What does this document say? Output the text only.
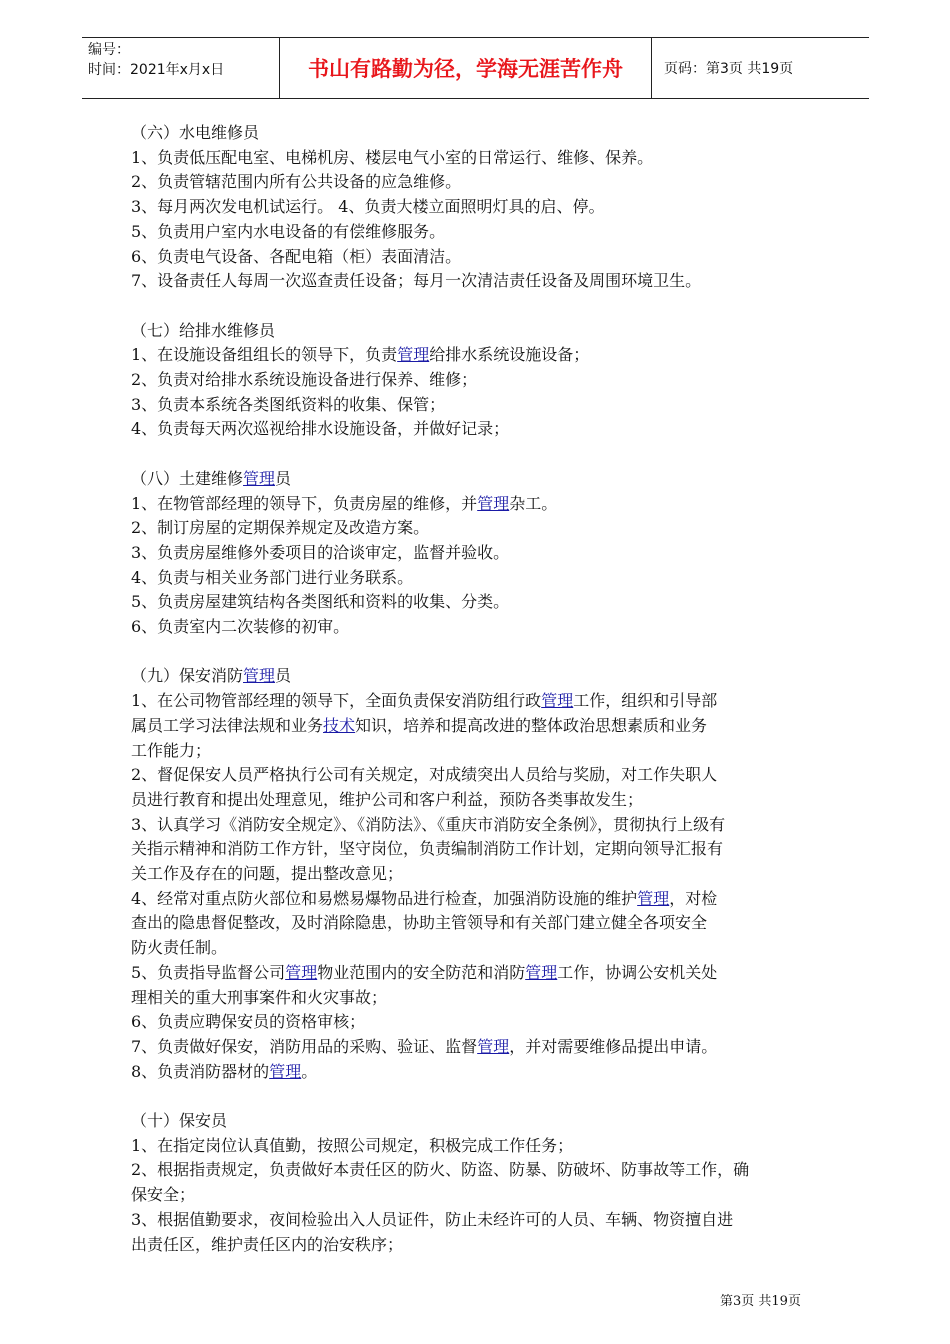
编号：
时间：2021年x月x日	书山有路勤为径，学海无涯苦作舟	页码：第3页 共19页

（六）水电维修员

1、负责低压配电室、电梯机房、楼层电气小室的日常运行、维修、保养。

2、负责管辖范围内所有公共设备的应急维修。

3、每月两次发电机试运行。 4、负责大楼立面照明灯具的启、停。

5、负责用户室内水电设备的有偿维修服务。

6、负责电气设备、各配电箱（柜）表面清洁。

7、设备责任人每周一次巡查责任设备；每月一次清洁责任设备及周围环境卫生。

（七）给排水维修员

1、在设施设备组组长的领导下，负责管理给排水系统设施设备；

2、负责对给排水系统设施设备进行保养、维修；

3、负责本系统各类图纸资料的收集、保管；

4、负责每天两次巡视给排水设施设备，并做好记录；

（八）土建维修管理员

1、在物管部经理的领导下，负责房屋的维修，并管理杂工。

2、制订房屋的定期保养规定及改造方案。

3、负责房屋维修外委项目的洽谈审定，监督并验收。

4、负责与相关业务部门进行业务联系。

5、负责房屋建筑结构各类图纸和资料的收集、分类。

6、负责室内二次装修的初审。

（九）保安消防管理员

1、在公司物管部经理的领导下，全面负责保安消防组行政管理工作，组织和引导部

属员工学习法律法规和业务技术知识，培养和提高改进的整体政治思想素质和业务

工作能力；

2、督促保安人员严格执行公司有关规定，对成绩突出人员给与奖励，对工作失职人

员进行教育和提出处理意见，维护公司和客户利益，预防各类事故发生；

3、认真学习《消防安全规定》、《消防法》、《重庆市消防安全条例》，贯彻执行上级有

关指示精神和消防工作方针，坚守岗位，负责编制消防工作计划，定期向领导汇报有

关工作及存在的问题，提出整改意见；

4、经常对重点防火部位和易燃易爆物品进行检查，加强消防设施的维护管理，对检

查出的隐患督促整改，及时消除隐患，协助主管领导和有关部门建立健全各项安全

防火责任制。

5、负责指导监督公司管理物业范围内的安全防范和消防管理工作，协调公安机关处

理相关的重大刑事案件和火灾事故；

6、负责应聘保安员的资格审核；

7、负责做好保安，消防用品的采购、验证、监督管理，并对需要维修品提出申请。

8、负责消防器材的管理。

（十）保安员

1、在指定岗位认真值勤，按照公司规定，积极完成工作任务；

2、根据指责规定，负责做好本责任区的防火、防盗、防暴、防破坏、防事故等工作，确

保安全；

3、根据值勤要求，夜间检验出入人员证件，防止未经许可的人员、车辆、物资擅自进

出责任区，维护责任区内的治安秩序；

第3页 共19页
